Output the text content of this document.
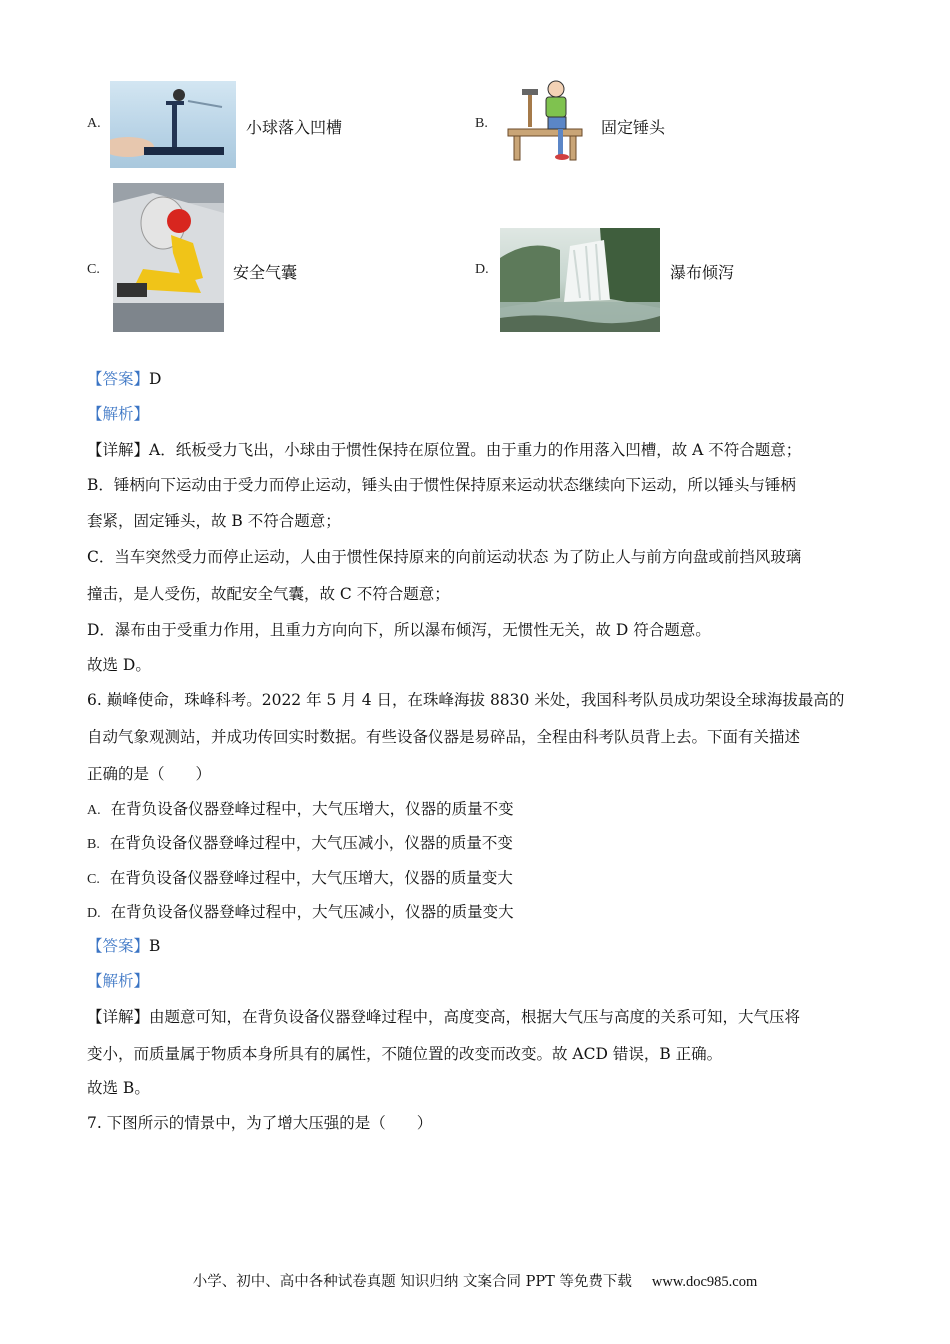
A.	小球落入凹槽	B.	固定锤头
C.	安全气囊	D.	瀑布倾泻
【答案】D
【解析】
【详解】A．纸板受力飞出，小球由于惯性保持在原位置。由于重力的作用落入凹槽，故 A 不符合题意；
B．锤柄向下运动由于受力而停止运动，锤头由于惯性保持原来运动状态继续向下运动，所以锤头与锤柄
套紧，固定锤头，故 B 不符合题意；
C．当车突然受力而停止运动，人由于惯性保持原来的向前运动状态 为了防止人与前方向盘或前挡风玻璃
撞击，是人受伤，故配安全气囊，故 C 不符合题意；
D．瀑布由于受重力作用，且重力方向向下，所以瀑布倾泻，无惯性无关，故 D 符合题意。
故选 D。
6. 巅峰使命，珠峰科考。2022 年 5 月 4 日，在珠峰海拔 8830 米处，我国科考队员成功架设全球海拔最高的
自动气象观测站，并成功传回实时数据。有些设备仪器是易碎品，全程由科考队员背上去。下面有关描述
正确的是（　　）
A. 在背负设备仪器登峰过程中，大气压增大，仪器的质量不变
B. 在背负设备仪器登峰过程中，大气压减小，仪器的质量不变
C. 在背负设备仪器登峰过程中，大气压增大，仪器的质量变大
D. 在背负设备仪器登峰过程中，大气压减小，仪器的质量变大
【答案】B
【解析】
【详解】由题意可知，在背负设备仪器登峰过程中，高度变高，根据大气压与高度的关系可知，大气压将
变小，而质量属于物质本身所具有的属性，不随位置的改变而改变。故 ACD 错误，B 正确。
故选 B。
7. 下图所示的情景中，为了增大压强的是（　　）
小学、初中、高中各种试卷真题 知识归纳 文案合同 PPT 等免费下载 www.doc985.com
